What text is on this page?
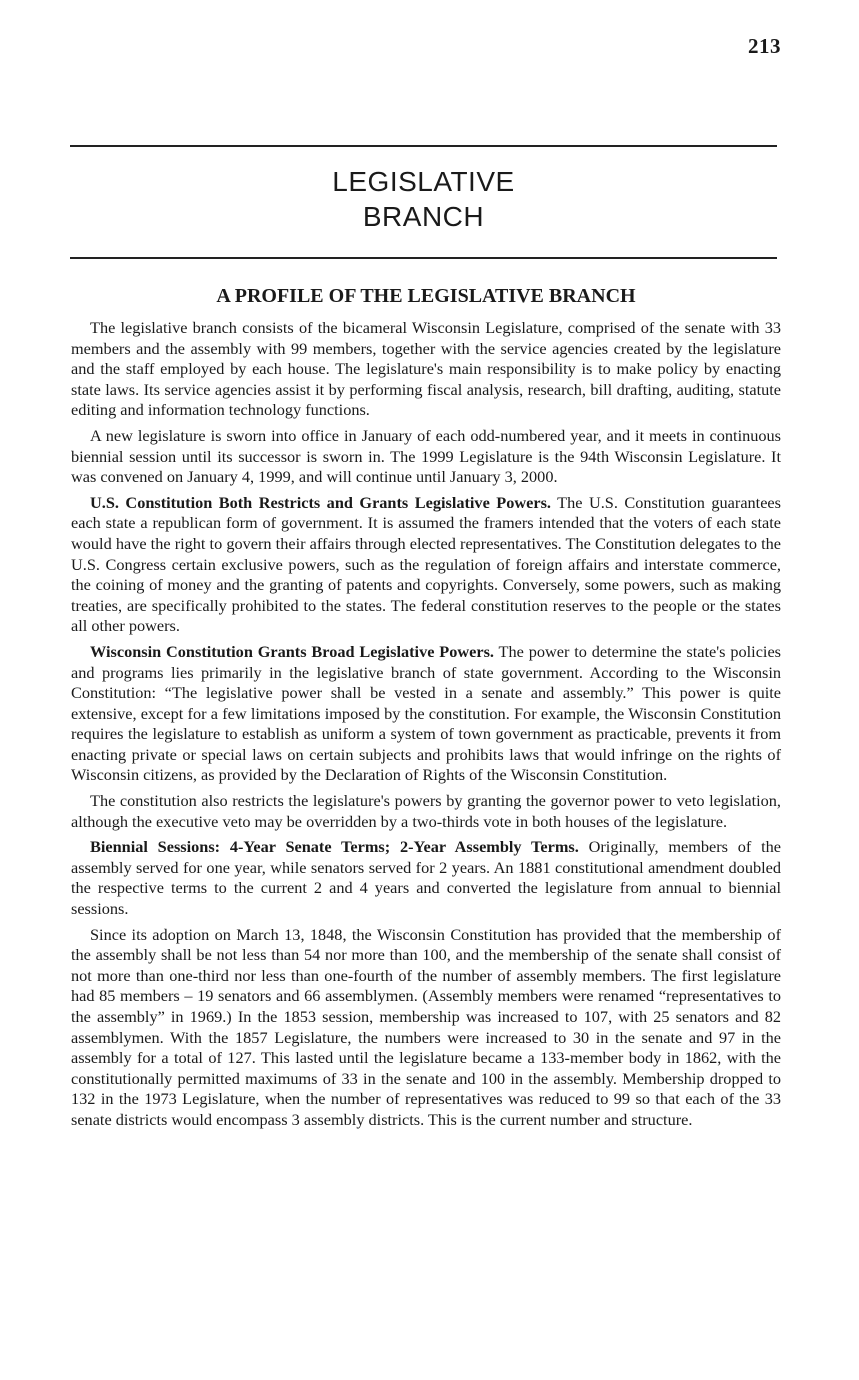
213
LEGISLATIVE
BRANCH
A PROFILE OF THE LEGISLATIVE BRANCH

The legislative branch consists of the bicameral Wisconsin Legislature, comprised of the senate with 33 members and the assembly with 99 members, together with the service agencies created by the legislature and the staff employed by each house. The legislature's main responsibility is to make policy by enacting state laws. Its service agencies assist it by performing fiscal analysis, research, bill drafting, auditing, statute editing and information technology functions.

A new legislature is sworn into office in January of each odd-numbered year, and it meets in continuous biennial session until its successor is sworn in. The 1999 Legislature is the 94th Wisconsin Legislature. It was convened on January 4, 1999, and will continue until January 3, 2000.

U.S. Constitution Both Restricts and Grants Legislative Powers. The U.S. Constitution guarantees each state a republican form of government. It is assumed the framers intended that the voters of each state would have the right to govern their affairs through elected representatives. The Constitution delegates to the U.S. Congress certain exclusive powers, such as the regulation of foreign affairs and interstate commerce, the coining of money and the granting of patents and copyrights. Conversely, some powers, such as making treaties, are specifically prohibited to the states. The federal constitution reserves to the people or the states all other powers.

Wisconsin Constitution Grants Broad Legislative Powers. The power to determine the state's policies and programs lies primarily in the legislative branch of state government. According to the Wisconsin Constitution: “The legislative power shall be vested in a senate and assembly.” This power is quite extensive, except for a few limitations imposed by the constitution. For example, the Wisconsin Constitution requires the legislature to establish as uniform a system of town government as practicable, prevents it from enacting private or special laws on certain subjects and prohibits laws that would infringe on the rights of Wisconsin citizens, as provided by the Declaration of Rights of the Wisconsin Constitution.

The constitution also restricts the legislature's powers by granting the governor power to veto legislation, although the executive veto may be overridden by a two-thirds vote in both houses of the legislature.

Biennial Sessions: 4-Year Senate Terms; 2-Year Assembly Terms. Originally, members of the assembly served for one year, while senators served for 2 years. An 1881 constitutional amendment doubled the respective terms to the current 2 and 4 years and converted the legislature from annual to biennial sessions.

Since its adoption on March 13, 1848, the Wisconsin Constitution has provided that the membership of the assembly shall be not less than 54 nor more than 100, and the membership of the senate shall consist of not more than one-third nor less than one-fourth of the number of assembly members. The first legislature had 85 members – 19 senators and 66 assemblymen. (Assembly members were renamed “representatives to the assembly” in 1969.) In the 1853 session, membership was increased to 107, with 25 senators and 82 assemblymen. With the 1857 Legislature, the numbers were increased to 30 in the senate and 97 in the assembly for a total of 127. This lasted until the legislature became a 133-member body in 1862, with the constitutionally permitted maximums of 33 in the senate and 100 in the assembly. Membership dropped to 132 in the 1973 Legislature, when the number of representatives was reduced to 99 so that each of the 33 senate districts would encompass 3 assembly districts. This is the current number and structure.
